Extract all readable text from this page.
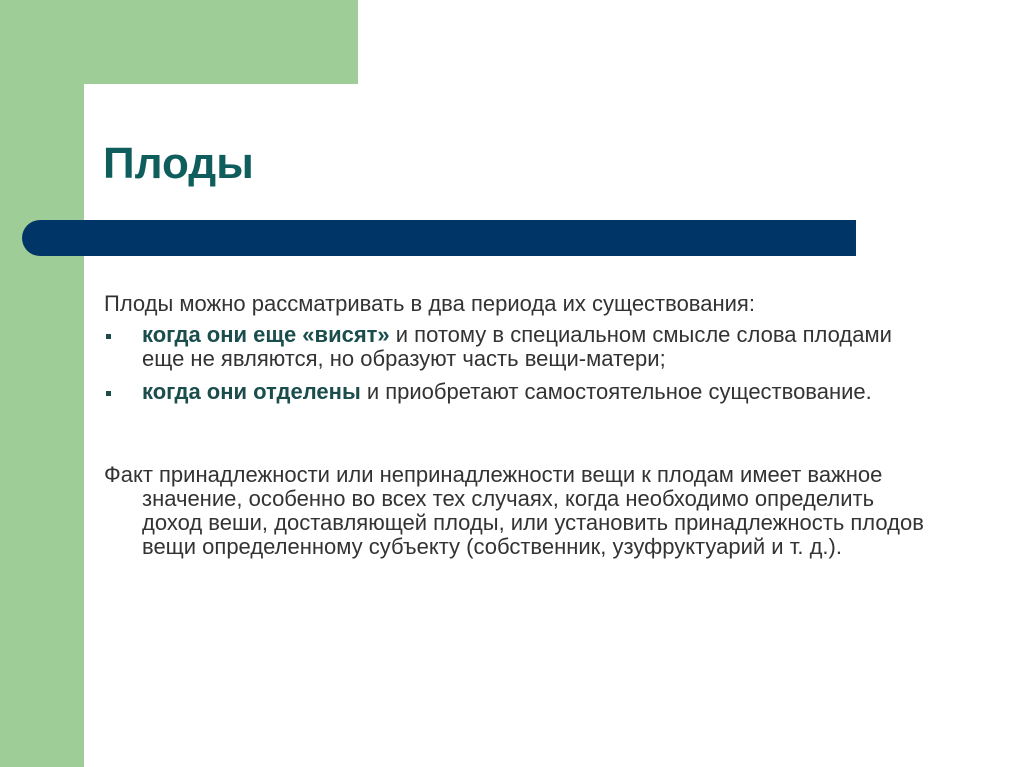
Плоды

Плоды можно рассматривать в два периода их существования:

когда они еще «висят» и потому в специальном смысле слова плодами еще не являются, но образуют часть вещи-матери;
когда они отделены и приобретают самостоятельное существование.

Факт принадлежности или непринадлежности вещи к плодам имеет важное значение, особенно во всех тех случаях, когда необходимо определить доход веши, доставляющей плоды, или установить принадлежность плодов вещи определенному субъекту (собственник, узуфруктуарий и т. д.).
